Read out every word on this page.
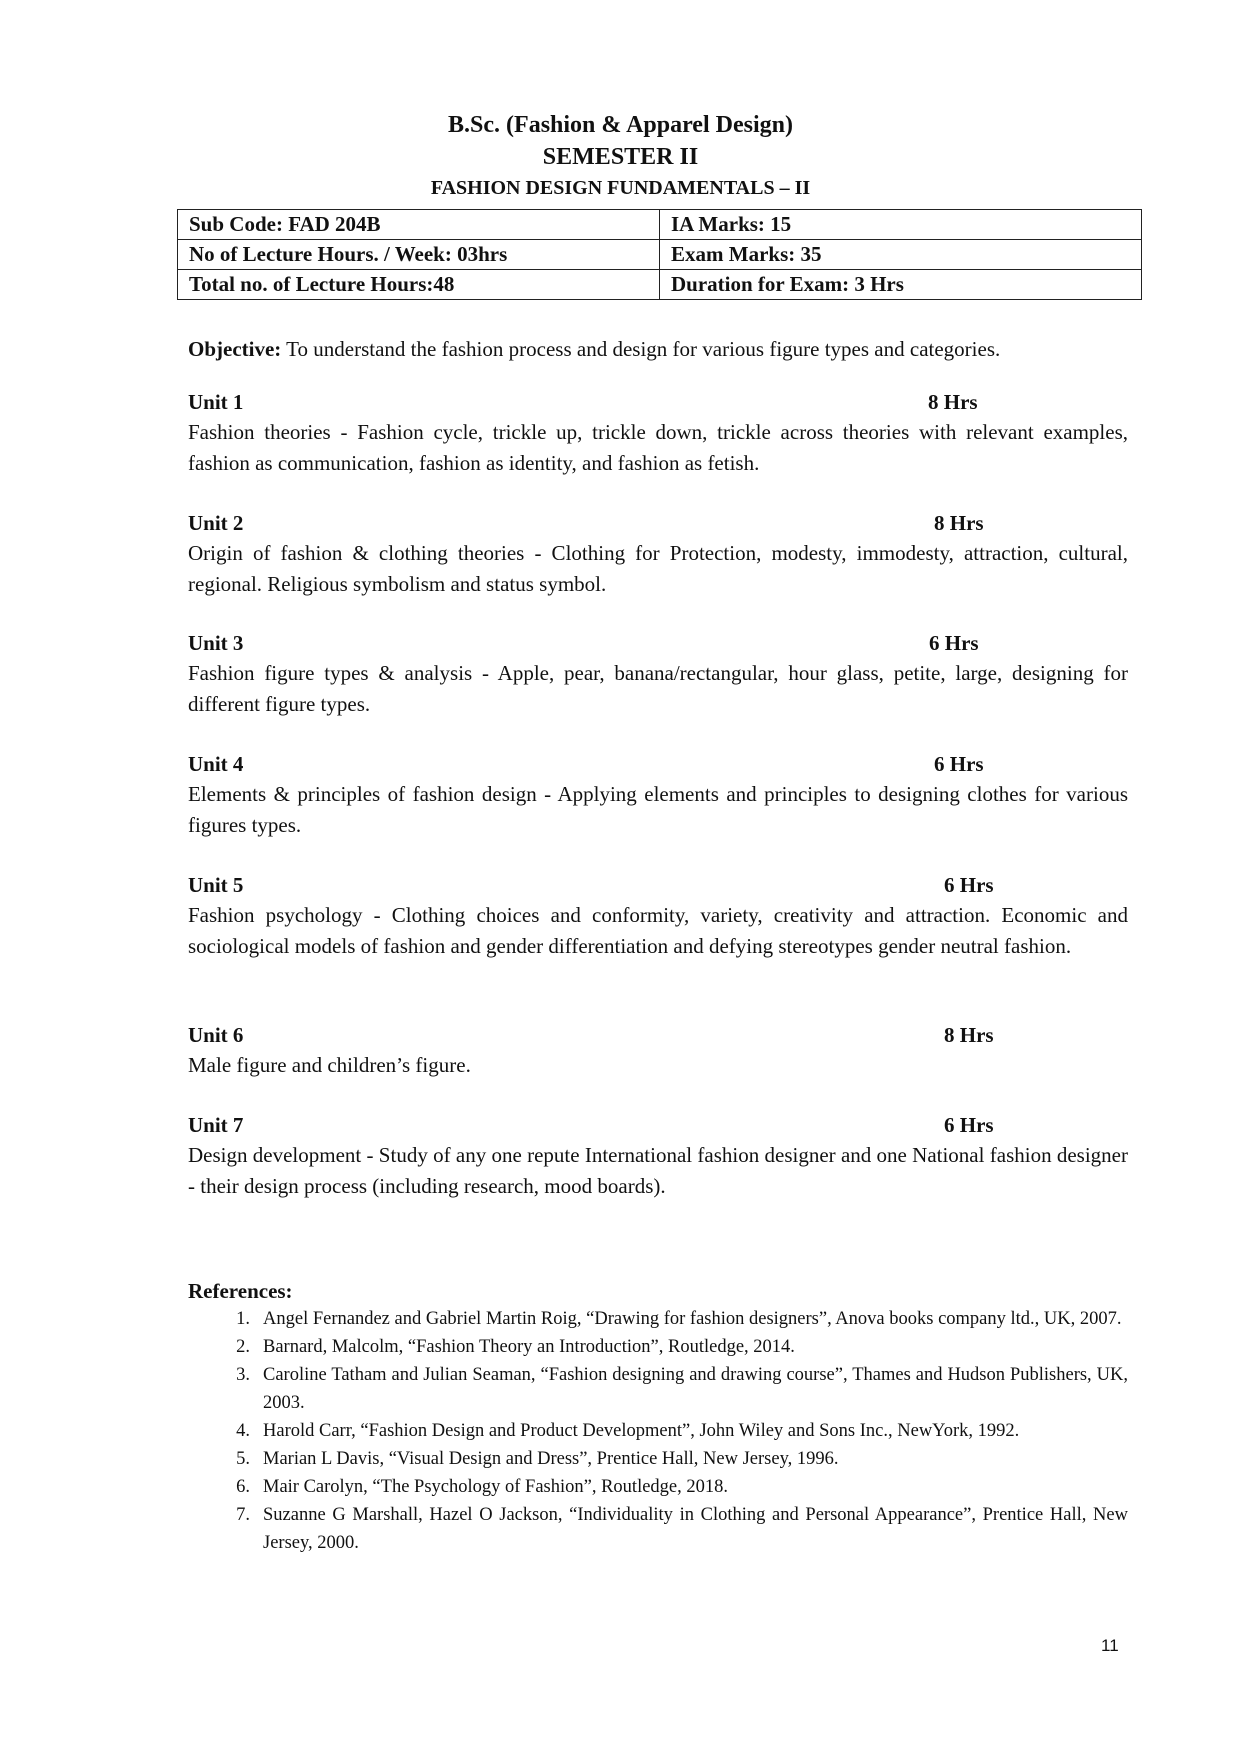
B.Sc. (Fashion & Apparel Design)
SEMESTER II
FASHION DESIGN FUNDAMENTALS – II
Sub Code: FAD 204B	IA Marks: 15
No of Lecture Hours. / Week: 03hrs	Exam Marks: 35
Total no. of Lecture Hours:48	Duration for Exam: 3 Hrs
Objective: To understand the fashion process and design for various figure types and categories.
Unit 1	8 Hrs
Fashion theories - Fashion cycle, trickle up, trickle down, trickle across theories with relevant examples, fashion as communication, fashion as identity, and fashion as fetish.
Unit 2	8 Hrs
Origin of fashion & clothing theories - Clothing for Protection, modesty, immodesty, attraction, cultural, regional. Religious symbolism and status symbol.
Unit 3	6 Hrs
Fashion figure types & analysis - Apple, pear, banana/rectangular, hour glass, petite, large, designing for different figure types.
Unit 4	6 Hrs
Elements & principles of fashion design - Applying elements and principles to designing clothes for various figures types.
Unit 5	6 Hrs
Fashion psychology - Clothing choices and conformity, variety, creativity and attraction. Economic and sociological models of fashion and gender differentiation and defying stereotypes gender neutral fashion.
Unit 6	8 Hrs
Male figure and children’s figure.
Unit 7	6 Hrs
Design development - Study of any one repute International fashion designer and one National fashion designer - their design process (including research, mood boards).
References:
1. Angel Fernandez and Gabriel Martin Roig, “Drawing for fashion designers”, Anova books company ltd., UK, 2007.
2. Barnard, Malcolm, “Fashion Theory an Introduction”, Routledge, 2014.
3. Caroline Tatham and Julian Seaman, “Fashion designing and drawing course”, Thames and Hudson Publishers, UK, 2003.
4. Harold Carr, “Fashion Design and Product Development”, John Wiley and Sons Inc., NewYork, 1992.
5. Marian L Davis, “Visual Design and Dress”, Prentice Hall, New Jersey, 1996.
6. Mair Carolyn, “The Psychology of Fashion”, Routledge, 2018.
7. Suzanne G Marshall, Hazel O Jackson, “Individuality in Clothing and Personal Appearance”, Prentice Hall, New Jersey, 2000.
11
